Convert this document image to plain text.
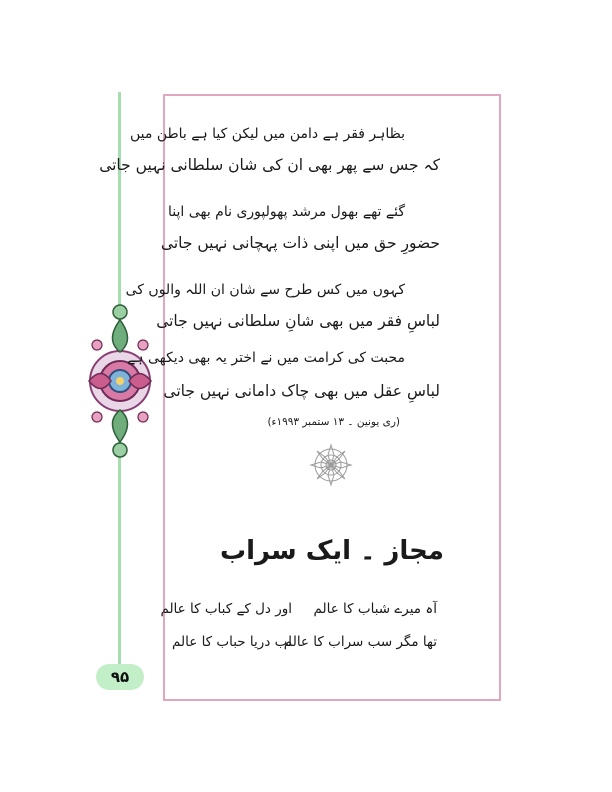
۹۵
بظاہر فقر ہے دامن میں لیکن کیا ہے باطن میں
کہ جس سے پھر بھی ان کی شان سلطانی نہیں جاتی
گئے تھے بھول مرشد پھولپوری نام بھی اپنا
حضورِ حق میں اپنی ذات پہچانی نہیں جاتی
کہوں میں کس طرح سے شان ان اللہ والوں کی
لباسِ فقر میں بھی شانِ سلطانی نہیں جاتی
محبت کی کرامت میں نے اختر یہ بھی دیکھی ہے
لباسِ عقل میں بھی چاک دامانی نہیں جاتی
(ری یونین ۔ ۱۳ ستمبر ۱۹۹۳ء)
مجاز ۔ ایک سراب
آہ میرے شباب کا عالم
اور دل کے کباب کا عالم
تھا مگر سب سراب کا عالم
لب دریا حباب کا عالم
